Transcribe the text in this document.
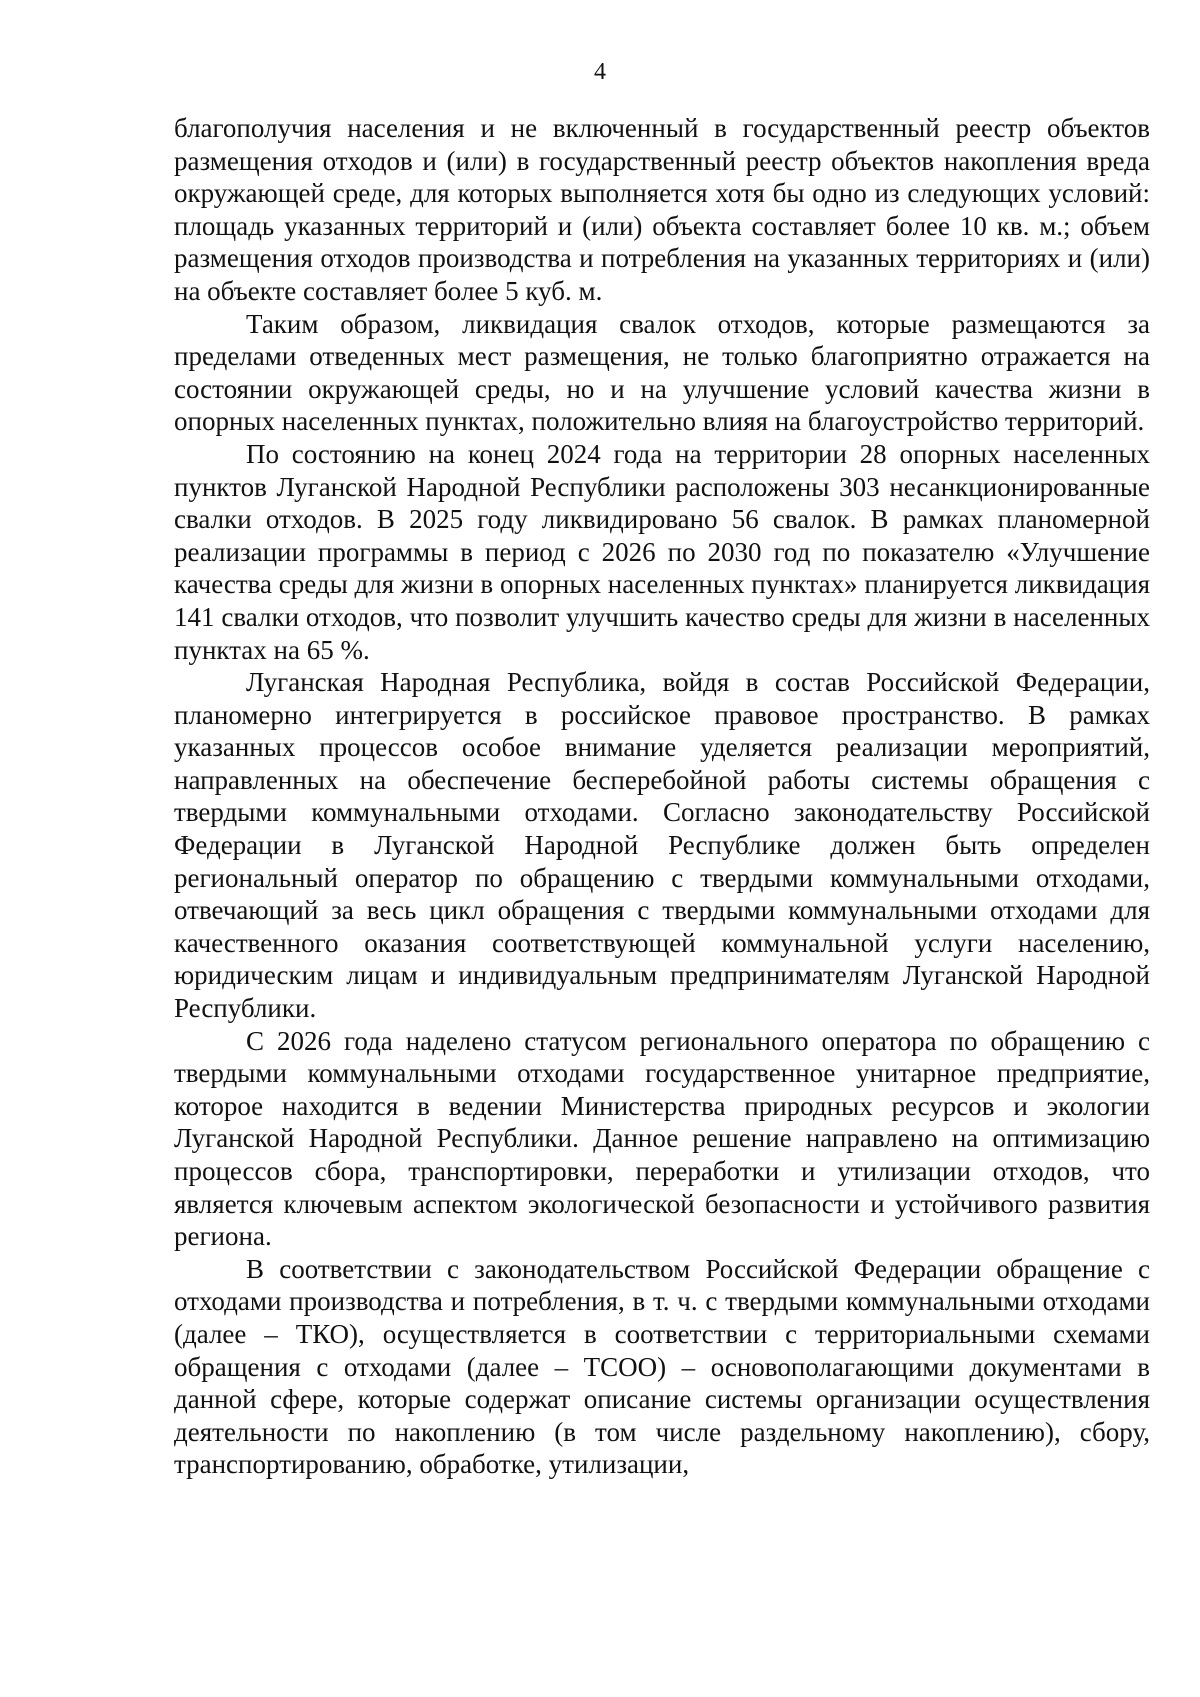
4

благополучия населения и не включенный в государственный реестр объектов размещения отходов и (или) в государственный реестр объектов накопления вреда окружающей среде, для которых выполняется хотя бы одно из следующих условий: площадь указанных территорий и (или) объекта составляет более 10 кв. м.; объем размещения отходов производства и потребления на указанных территориях и (или) на объекте составляет более 5 куб. м.

Таким образом, ликвидация свалок отходов, которые размещаются за пределами отведенных мест размещения, не только благоприятно отражается на состоянии окружающей среды, но и на улучшение условий качества жизни в опорных населенных пунктах, положительно влияя на благоустройство территорий.

По состоянию на конец 2024 года на территории 28 опорных населенных пунктов Луганской Народной Республики расположены 303 несанкционированные свалки отходов. В 2025 году ликвидировано 56 свалок. В рамках планомерной реализации программы в период с 2026 по 2030 год по показателю «Улучшение качества среды для жизни в опорных населенных пунктах» планируется ликвидация 141 свалки отходов, что позволит улучшить качество среды для жизни в населенных пунктах на 65 %.

Луганская Народная Республика, войдя в состав Российской Федерации, планомерно интегрируется в российское правовое пространство. В рамках указанных процессов особое внимание уделяется реализации мероприятий, направленных на обеспечение бесперебойной работы системы обращения с твердыми коммунальными отходами. Согласно законодательству Российской Федерации в Луганской Народной Республике должен быть определен региональный оператор по обращению с твердыми коммунальными отходами, отвечающий за весь цикл обращения с твердыми коммунальными отходами для качественного оказания соответствующей коммунальной услуги населению, юридическим лицам и индивидуальным предпринимателям Луганской Народной Республики.

С 2026 года наделено статусом регионального оператора по обращению с твердыми коммунальными отходами государственное унитарное предприятие, которое находится в ведении Министерства природных ресурсов и экологии Луганской Народной Республики. Данное решение направлено на оптимизацию процессов сбора, транспортировки, переработки и утилизации отходов, что является ключевым аспектом экологической безопасности и устойчивого развития региона.

В соответствии с законодательством Российской Федерации обращение с отходами производства и потребления, в т. ч. с твердыми коммунальными отходами (далее – ТКО), осуществляется в соответствии с территориальными схемами обращения с отходами (далее – ТСОО) – основополагающими документами в данной сфере, которые содержат описание системы организации осуществления деятельности по накоплению (в том числе раздельному накоплению), сбору, транспортированию, обработке, утилизации,
